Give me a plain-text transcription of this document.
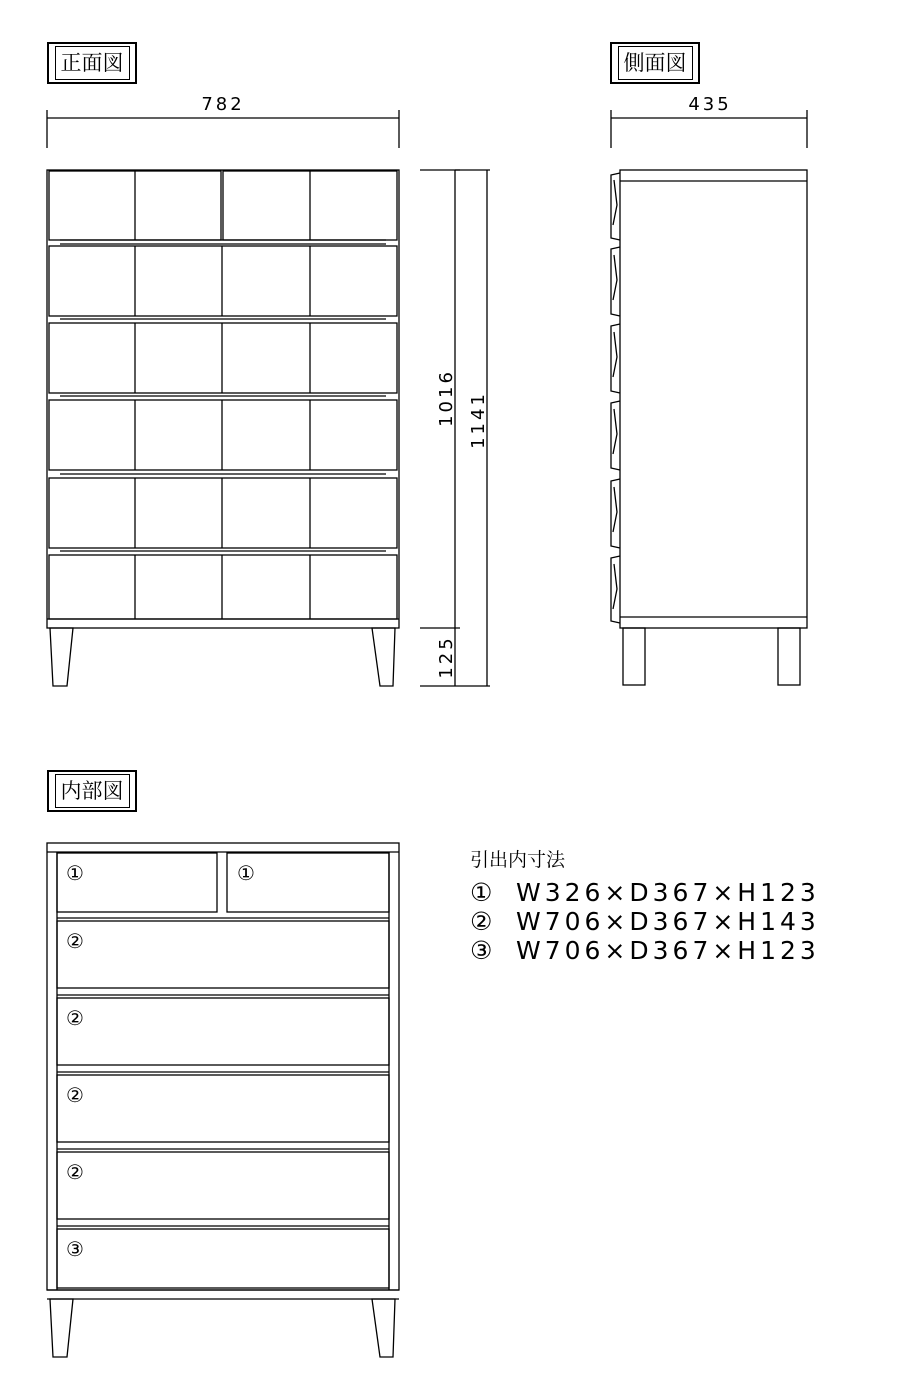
正面図	側面図
内部図
782	435
1016 1141
125
①	①
②
②
②
②
③
引出内寸法
① W326×D367×H123
② W706×D367×H143
③ W706×D367×H123
